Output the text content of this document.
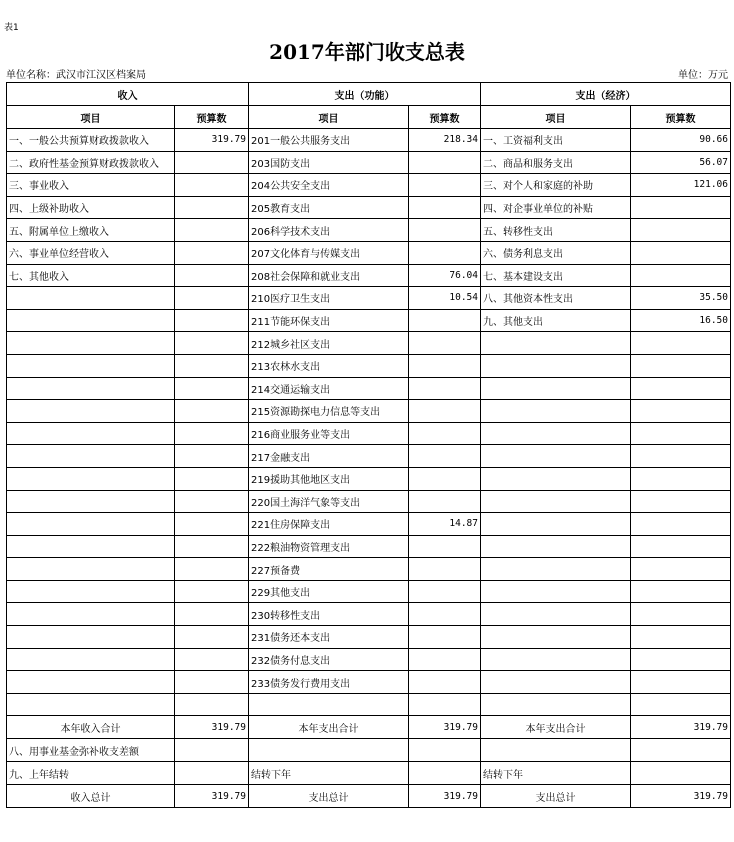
表1
2017年部门收支总表
单位名称：武汉市江汉区档案局	单位：万元
收入		支出（功能）		支出（经济）	
项目	预算数	项目	预算数	项目	预算数
一、一般公共预算财政拨款收入	319.79	201一般公共服务支出	218.34	一、工资福利支出	90.66
二、政府性基金预算财政拨款收入		203国防支出		二、商品和服务支出	56.07
三、事业收入		204公共安全支出		三、对个人和家庭的补助	121.06
四、上级补助收入		205教育支出		四、对企事业单位的补贴	
五、附属单位上缴收入		206科学技术支出		五、转移性支出	
六、事业单位经营收入		207文化体育与传媒支出		六、债务利息支出	
七、其他收入		208社会保障和就业支出	76.04	七、基本建设支出	
		210医疗卫生支出	10.54	八、其他资本性支出	35.50
		211节能环保支出		九、其他支出	16.50
		212城乡社区支出			
		213农林水支出			
		214交通运输支出			
		215资源勘探电力信息等支出			
		216商业服务业等支出			
		217金融支出			
		219援助其他地区支出			
		220国土海洋气象等支出			
		221住房保障支出	14.87		
		222粮油物资管理支出			
		227预备费			
		229其他支出			
		230转移性支出			
		231债务还本支出			
		232债务付息支出			
		233债务发行费用支出			

本年收入合计	319.79	本年支出合计	319.79	本年支出合计	319.79
八、用事业基金弥补收支差额					
九、上年结转		结转下年		结转下年	
收入总计	319.79	支出总计	319.79	支出总计	319.79
